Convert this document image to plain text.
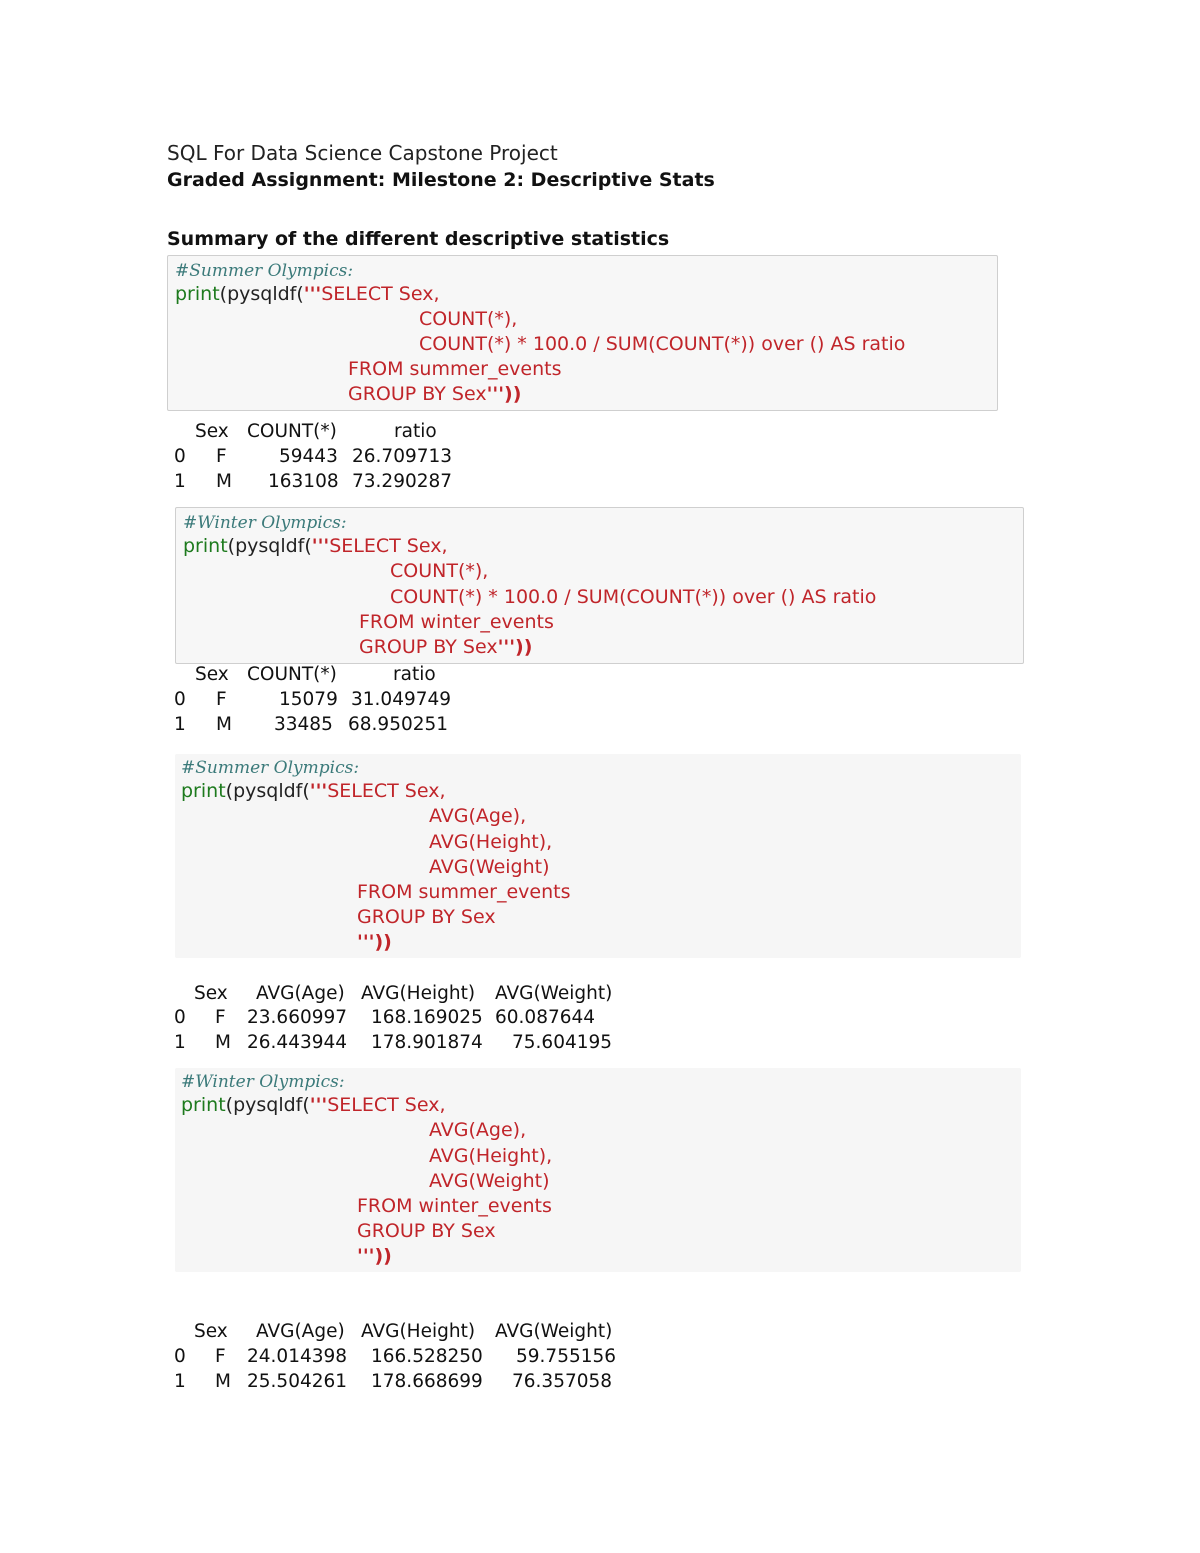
SQL For Data Science Capstone Project
Graded Assignment: Milestone 2: Descriptive Stats
Summary of the different descriptive statistics
#Summer Olympics:
print(pysqldf('''SELECT Sex,
COUNT(*),
COUNT(*) * 100.0 / SUM(COUNT(*)) over () AS ratio
FROM summer_events
GROUP BY Sex'''))
Sex COUNT(*)	ratio
0 F	59443 26.709713
1 M 163108 73.290287
#Winter Olympics:
print(pysqldf('''SELECT Sex,
COUNT(*),
COUNT(*) * 100.0 / SUM(COUNT(*)) over () AS ratio
FROM winter_events
GROUP BY Sex'''))
Sex COUNT(*)	ratio
0 F	15079 31.049749
1 M 33485 68.950251
#Summer Olympics:
print(pysqldf('''SELECT Sex,
AVG(Age),
AVG(Height),
AVG(Weight)
FROM summer_events
GROUP BY Sex
'''))
Sex AVG(Age) AVG(Height) AVG(Weight)
0 F 23.660997 168.169025 60.087644
1 M 26.443944 178.901874 75.604195
#Winter Olympics:
print(pysqldf('''SELECT Sex,
AVG(Age),
AVG(Height),
AVG(Weight)
FROM winter_events
GROUP BY Sex
'''))
Sex AVG(Age) AVG(Height) AVG(Weight)
0 F 24.014398 166.528250 59.755156
1 M 25.504261 178.668699 76.357058
